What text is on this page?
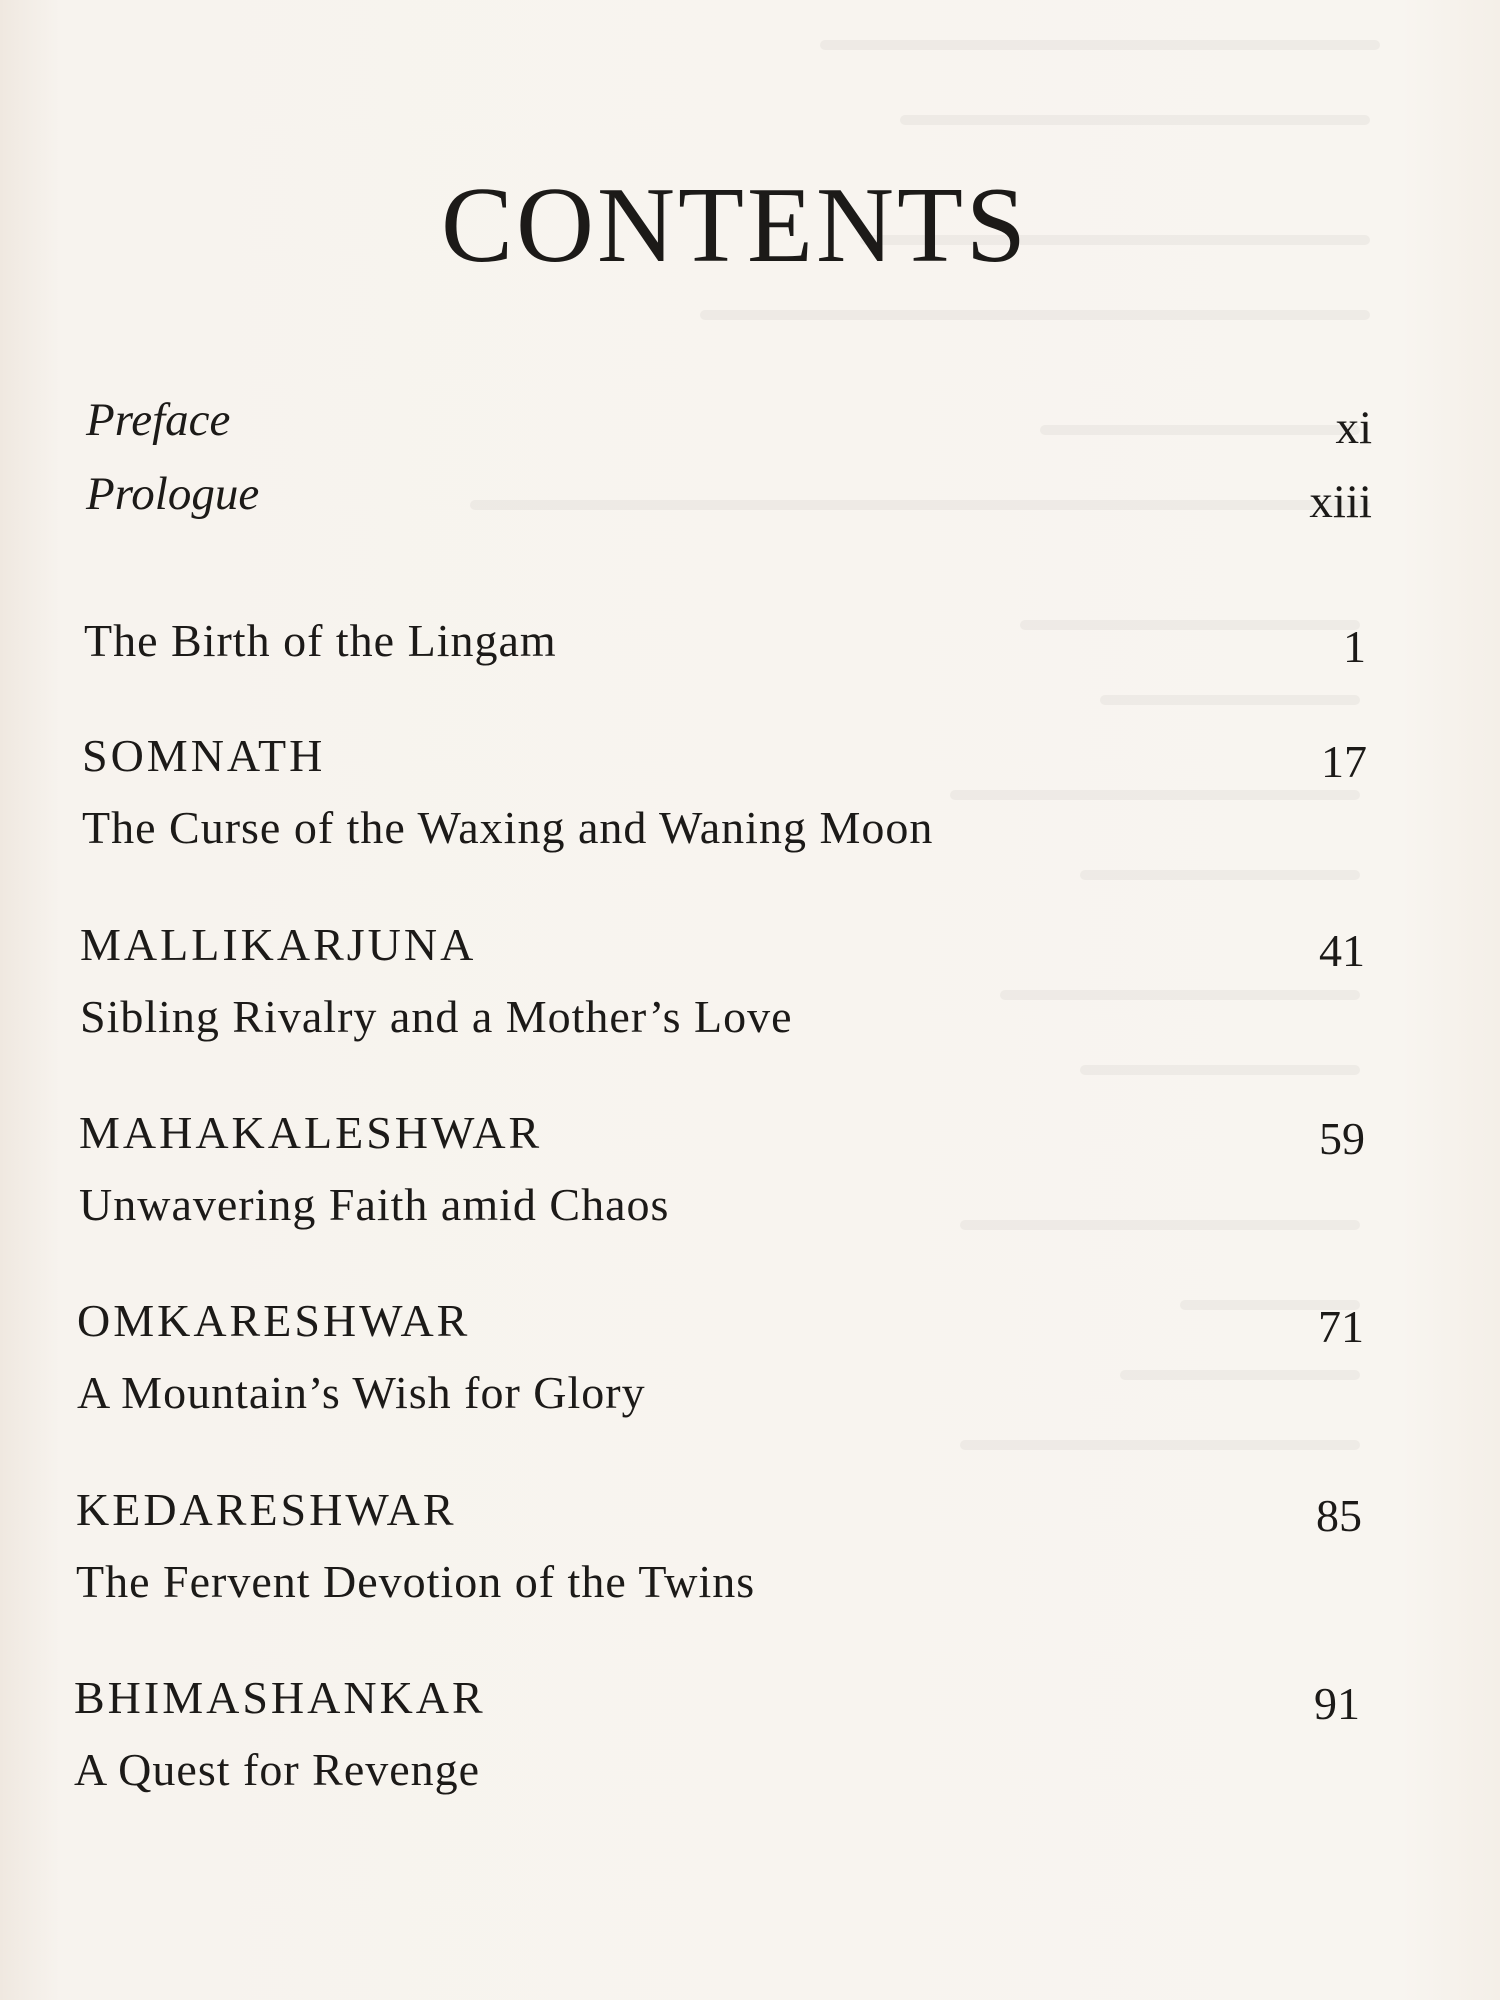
CONTENTS
Preface	xi
Prologue	xiii
The Birth of the Lingam	1
SOMNATH	17
The Curse of the Waxing and Waning Moon
MALLIKARJUNA	41
Sibling Rivalry and a Mother’s Love
MAHAKALESHWAR	59
Unwavering Faith amid Chaos
OMKARESHWAR	71
A Mountain’s Wish for Glory
KEDARESHWAR	85
The Fervent Devotion of the Twins
BHIMASHANKAR	91
A Quest for Revenge
